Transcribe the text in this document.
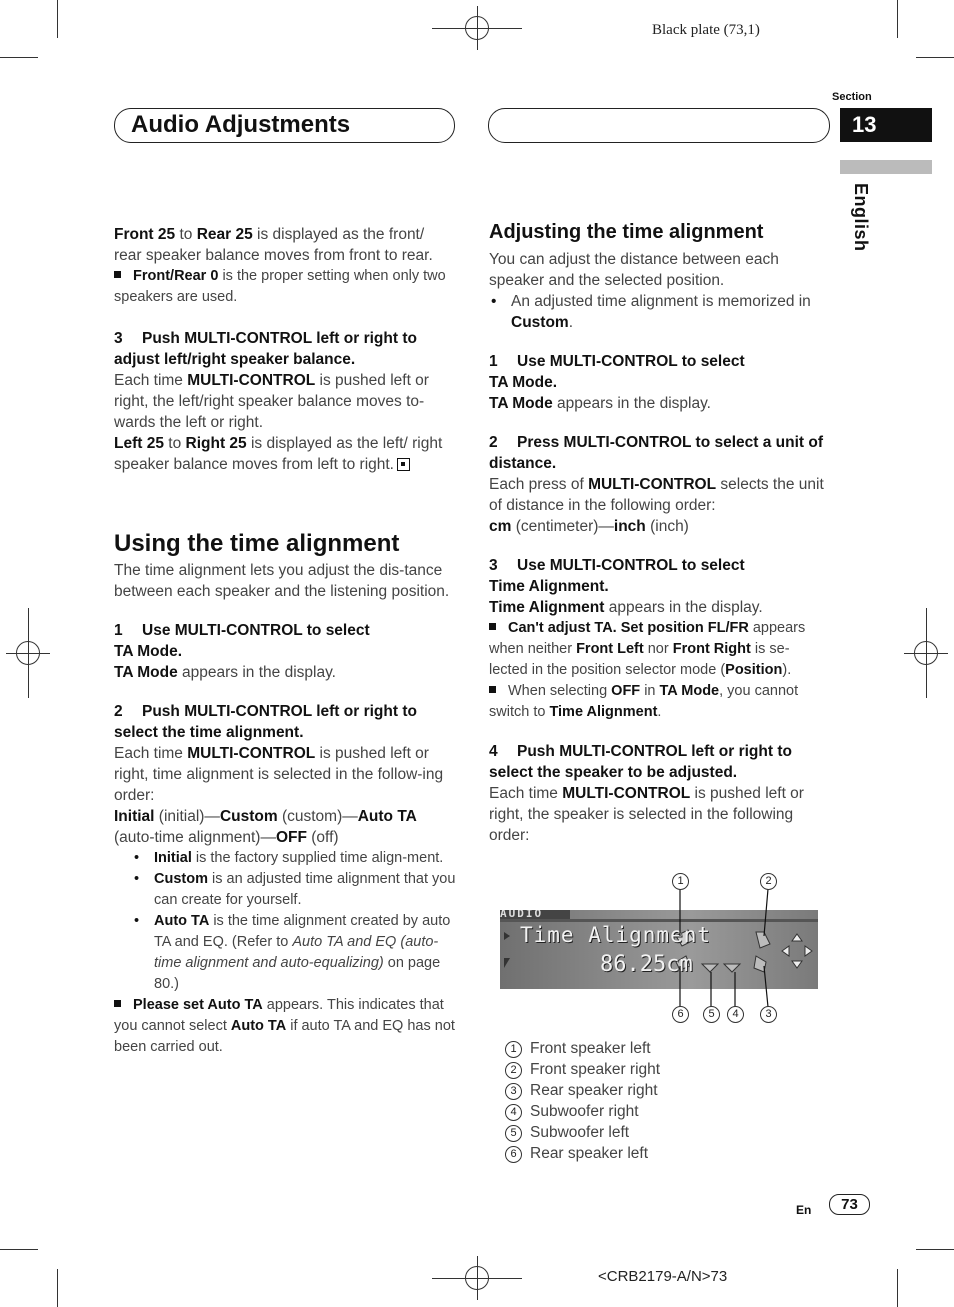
Black plate (73,1)
Section
13
English
Audio Adjustments

Front 25 to Rear 25 is displayed as the front/ rear speaker balance moves from front to rear.

Front/Rear 0 is the proper setting when only two speakers are used.

3 Push MULTI-CONTROL left or right to adjust left/right speaker balance.

Each time MULTI-CONTROL is pushed left or right, the left/right speaker balance moves to-wards the left or right.

Left 25 to Right 25 is displayed as the left/ right speaker balance moves from left to right.

Using the time alignment

The time alignment lets you adjust the dis-tance between each speaker and the listening position.

1 Use MULTI-CONTROL to select
TA Mode.

TA Mode appears in the display.

2 Push MULTI-CONTROL left or right to select the time alignment.

Each time MULTI-CONTROL is pushed left or right, time alignment is selected in the follow-ing order:

Initial (initial)—Custom (custom)—Auto TA (auto-time alignment)—OFF (off)

• Initial is the factory supplied time align-ment.

• Custom is an adjusted time alignment that you can create for yourself.

• Auto TA is the time alignment created by auto TA and EQ. (Refer to Auto TA and EQ (auto-time alignment and auto-equalizing) on page 80.)

Please set Auto TA appears. This indicates that you cannot select Auto TA if auto TA and EQ has not been carried out.

Adjusting the time alignment

You can adjust the distance between each speaker and the selected position.

• An adjusted time alignment is memorized in Custom.

1 Use MULTI-CONTROL to select
TA Mode.

TA Mode appears in the display.

2 Press MULTI-CONTROL to select a unit of distance.

Each press of MULTI-CONTROL selects the unit of distance in the following order:

cm (centimeter)—inch (inch)

3 Use MULTI-CONTROL to select
Time Alignment.

Time Alignment appears in the display.

Can't adjust TA. Set position FL/FR appears when neither Front Left nor Front Right is se-lected in the position selector mode (Position).

When selecting OFF in TA Mode, you cannot switch to Time Alignment.

4 Push MULTI-CONTROL left or right to select the speaker to be adjusted.

Each time MULTI-CONTROL is pushed left or right, the speaker is selected in the following order:

AUDIO
Time Alignment
86.25cm
1	2
3
4
5
6
1 Front speaker left
2 Front speaker right
3 Rear speaker right
4 Subwoofer right
5 Subwoofer left
6 Rear speaker left
En	73
<CRB2179-A/N>73
